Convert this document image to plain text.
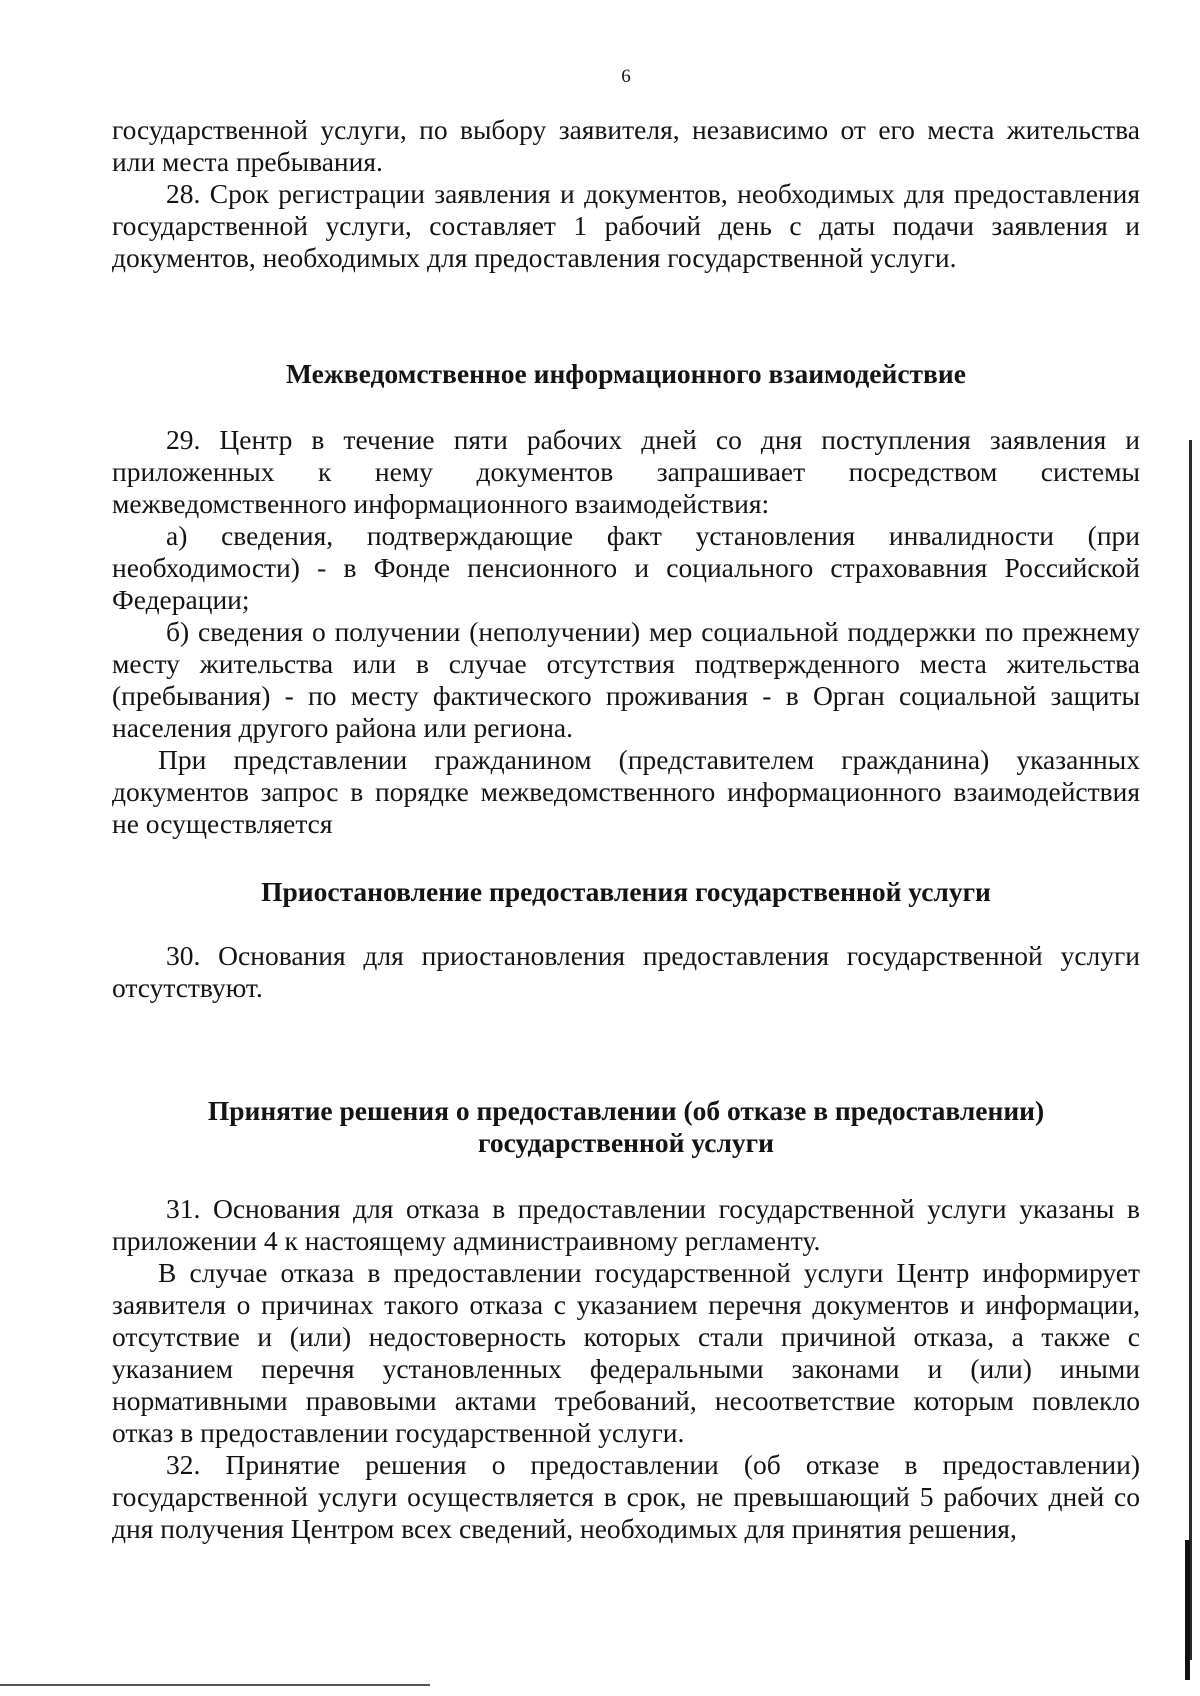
6

государственной услуги, по выбору заявителя, независимо от его места жительства или места пребывания.

28. Срок регистрации заявления и документов, необходимых для предоставления государственной услуги, составляет 1 рабочий день с даты подачи заявления и документов, необходимых для предоставления государственной услуги.

Межведомственное информационного взаимодействие

29. Центр в течение пяти рабочих дней со дня поступления заявления и приложенных к нему документов запрашивает посредством системы межведомственного информационного взаимодействия:

а) сведения, подтверждающие факт установления инвалидности (при необходимости) - в Фонде пенсионного и социального страховавния Российской Федерации;

б) сведения о получении (неполучении) мер социальной поддержки по прежнему месту жительства или в случае отсутствия подтвержденного места жительства (пребывания) - по месту фактического проживания - в Орган социальной защиты населения другого района или региона.

При представлении гражданином (представителем гражданина) указанных документов запрос в порядке межведомственного информационного взаимодействия не осуществляется

Приостановление предоставления государственной услуги

30. Основания для приостановления предоставления государственной услуги отсутствуют.

Принятие решения о предоставлении (об отказе в предоставлении)

государственной услуги

31. Основания для отказа в предоставлении государственной услуги указаны в приложении 4 к настоящему администраивному регламенту.

В случае отказа в предоставлении государственной услуги Центр информирует заявителя о причинах такого отказа с указанием перечня документов и информации, отсутствие и (или) недостоверность которых стали причиной отказа, а также с указанием перечня установленных федеральными законами и (или) иными нормативными правовыми актами требований, несоответствие которым повлекло отказ в предоставлении государственной услуги.

32. Принятие решения о предоставлении (об отказе в предоставлении) государственной услуги осуществляется в срок, не превышающий 5 рабочих дней со дня получения Центром всех сведений, необходимых для принятия решения,
